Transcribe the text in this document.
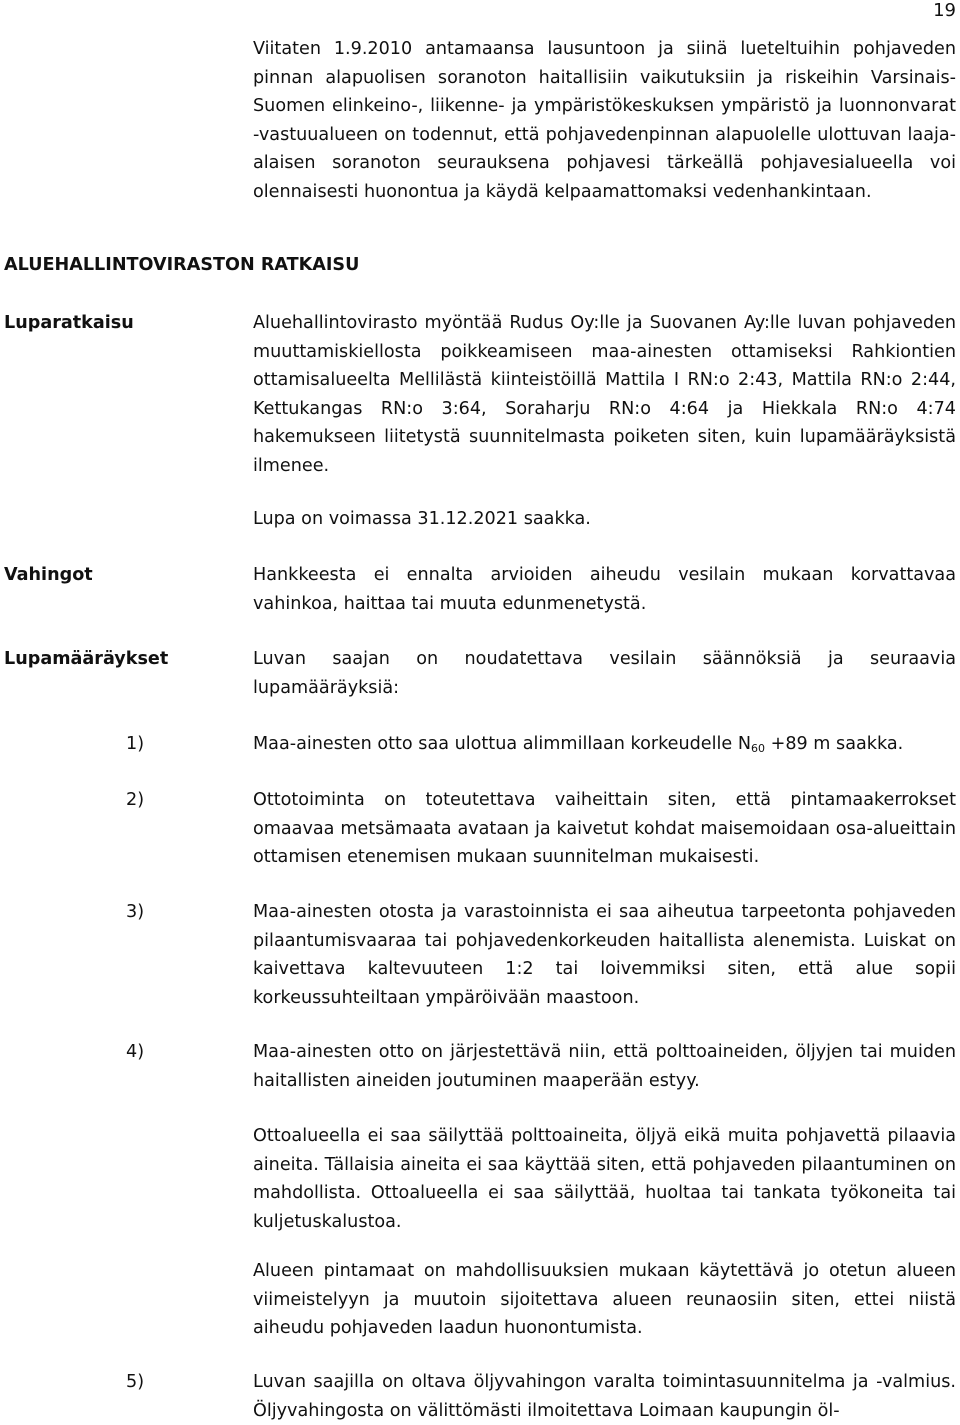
19
Viitaten 1.9.2010 antamaansa lausuntoon ja siinä lueteltuihin pohjaveden pinnan alapuolisen soranoton haitallisiin vaikutuksiin ja riskeihin Varsinais-Suomen elinkeino-, liikenne- ja ympäristökeskuksen ympäristö ja luonnonvarat -vastuualueen on todennut, että pohjavedenpinnan alapuolelle ulottuvan laaja-alaisen soranoton seurauksena pohjavesi tärkeällä pohjavesialueella voi olennaisesti huonontua ja käydä kelpaamattomaksi vedenhankintaan.
ALUEHALLINTOVIRASTON RATKAISU
Luparatkaisu	Aluehallintovirasto myöntää Rudus Oy:lle ja Suovanen Ay:lle luvan pohjaveden muuttamiskiellosta poikkeamiseen maa-ainesten ottamiseksi Rahkiontien ottamisalueelta Mellilästä kiinteistöillä Mattila I RN:o 2:43, Mattila RN:o 2:44, Kettukangas RN:o 3:64, Soraharju RN:o 4:64 ja Hiekkala RN:o 4:74 hakemukseen liitetystä suunnitelmasta poiketen siten, kuin lupamääräyksistä ilmenee.
Lupa on voimassa 31.12.2021 saakka.
Vahingot	Hankkeesta ei ennalta arvioiden aiheudu vesilain mukaan korvattavaa vahinkoa, haittaa tai muuta edunmenetystä.
Lupamääräykset	Luvan saajan on noudatettava vesilain säännöksiä ja seuraavia lupamääräyksiä:
1)	Maa-ainesten otto saa ulottua alimmillaan korkeudelle $N_{60} +89$ m saakka.
2)	Ottotoiminta on toteutettava vaiheittain siten, että pintamaakerrokset omaavaa metsämaata avataan ja kaivetut kohdat maisemoidaan osa-alueittain ottamisen etenemisen mukaan suunnitelman mukaisesti.
3)	Maa-ainesten otosta ja varastoinnista ei saa aiheutua tarpeetonta pohjaveden pilaantumisvaaraa tai pohjavedenkorkeuden haitallista alenemista. Luiskat on kaivettava kaltevuuteen 1:2 tai loivemmiksi siten, että alue sopii korkeussuhteiltaan ympäröivään maastoon.
4)	Maa-ainesten otto on järjestettävä niin, että polttoaineiden, öljyjen tai muiden haitallisten aineiden joutuminen maaperään estyy.
Ottoalueella ei saa säilyttää polttoaineita, öljyä eikä muita pohjavettä pilaavia aineita. Tällaisia aineita ei saa käyttää siten, että pohjaveden pilaantuminen on mahdollista. Ottoalueella ei saa säilyttää, huoltaa tai tankata työkoneita tai kuljetuskalustoa.
Alueen pintamaat on mahdollisuuksien mukaan käytettävä jo otetun alueen viimeistelyyn ja muutoin sijoitettava alueen reunaosiin siten, ettei niistä aiheudu pohjaveden laadun huonontumista.
5)	Luvan saajilla on oltava öljyvahingon varalta toimintasuunnitelma ja -valmius. Öljyvahingosta on välittömästi ilmoitettava Loimaan kaupungin öl-
